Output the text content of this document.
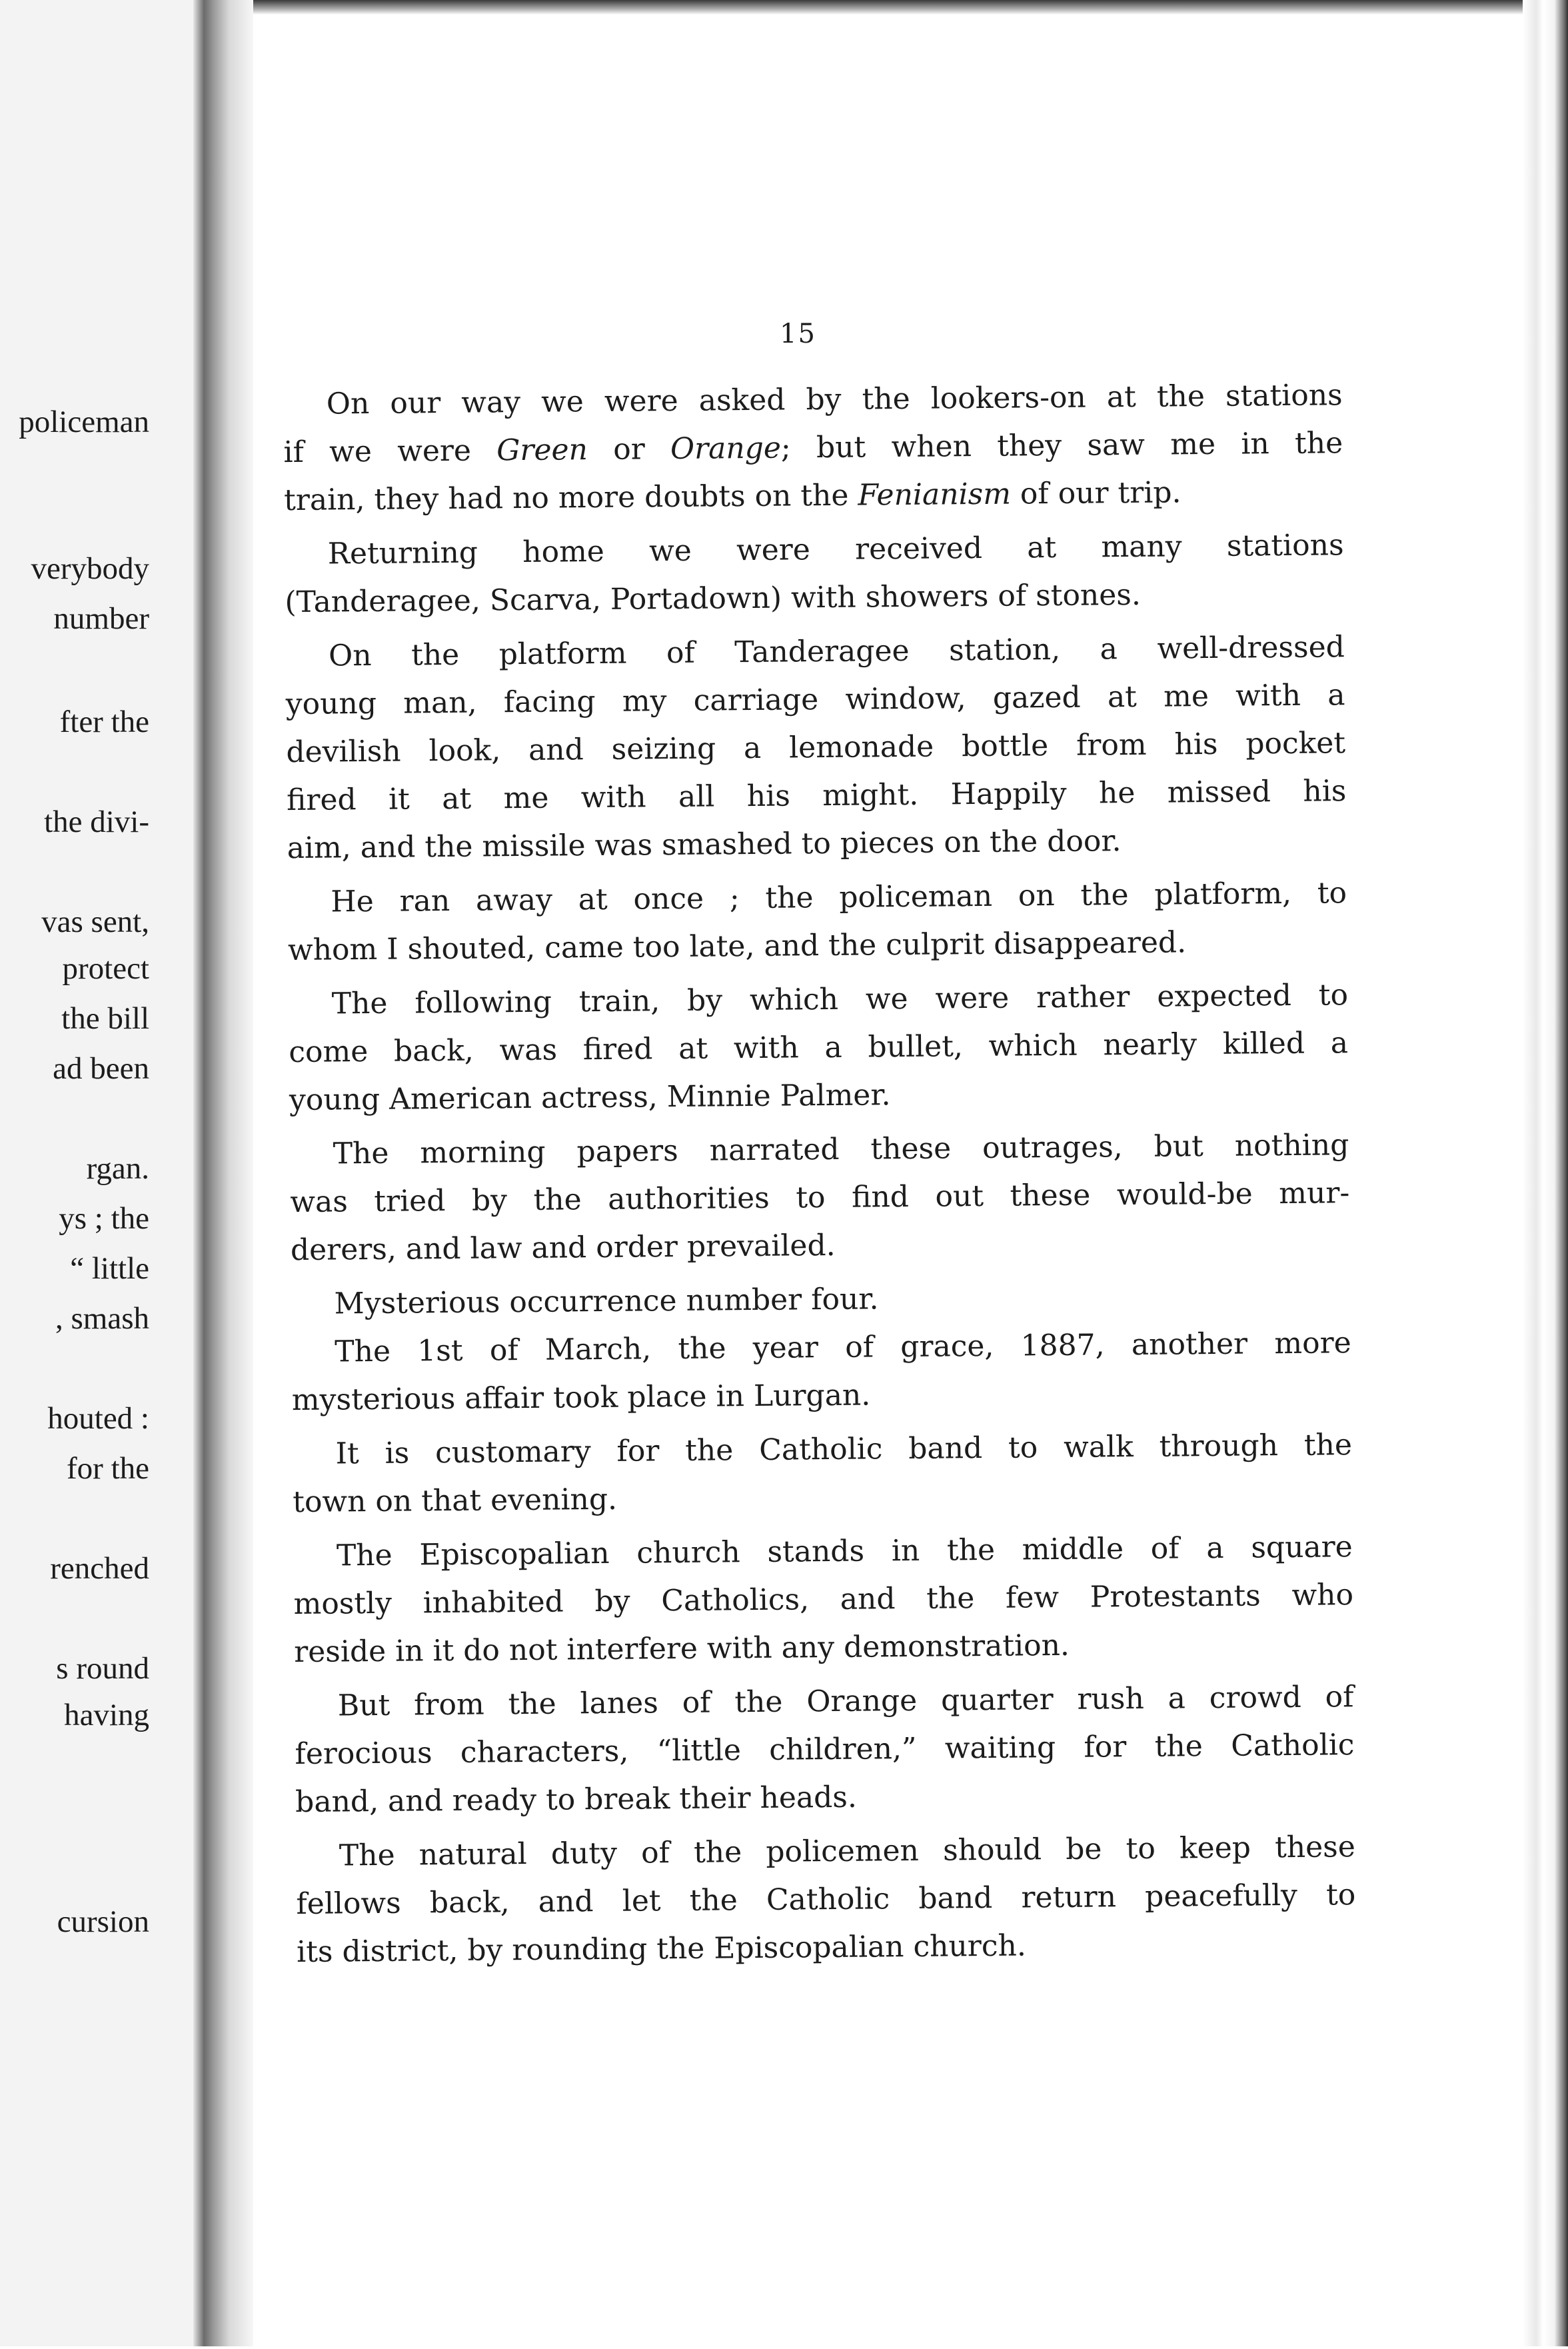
policeman

verybody

number

fter the

the divi-

vas sent,

protect

the bill

ad been

rgan.

ys ; the

“ little

, smash

houted :

for the

renched

s round

having

cursion

15

On our way we were asked by the lookers-on at the stations

if we were Green or Orange; but when they saw me in the

train, they had no more doubts on the Fenianism of our trip.

Returning home we were received at many stations

(Tanderagee, Scarva, Portadown) with showers of stones.

On the platform of Tanderagee station, a well-dressed

young man, facing my carriage window, gazed at me with a

devilish look, and seizing a lemonade bottle from his pocket

fired it at me with all his might. Happily he missed his

aim, and the missile was smashed to pieces on the door.

He ran away at once ; the policeman on the platform, to

whom I shouted, came too late, and the culprit disappeared.

The following train, by which we were rather expected to

come back, was fired at with a bullet, which nearly killed a

young American actress, Minnie Palmer.

The morning papers narrated these outrages, but nothing

was tried by the authorities to find out these would-be mur-

derers, and law and order prevailed.

Mysterious occurrence number four.

The 1st of March, the year of grace, 1887, another more

mysterious affair took place in Lurgan.

It is customary for the Catholic band to walk through the

town on that evening.

The Episcopalian church stands in the middle of a square

mostly inhabited by Catholics, and the few Protestants who

reside in it do not interfere with any demonstration.

But from the lanes of the Orange quarter rush a crowd of

ferocious characters, “little children,” waiting for the Catholic

band, and ready to break their heads.

The natural duty of the policemen should be to keep these

fellows back, and let the Catholic band return peacefully to

its district, by rounding the Episcopalian church.
